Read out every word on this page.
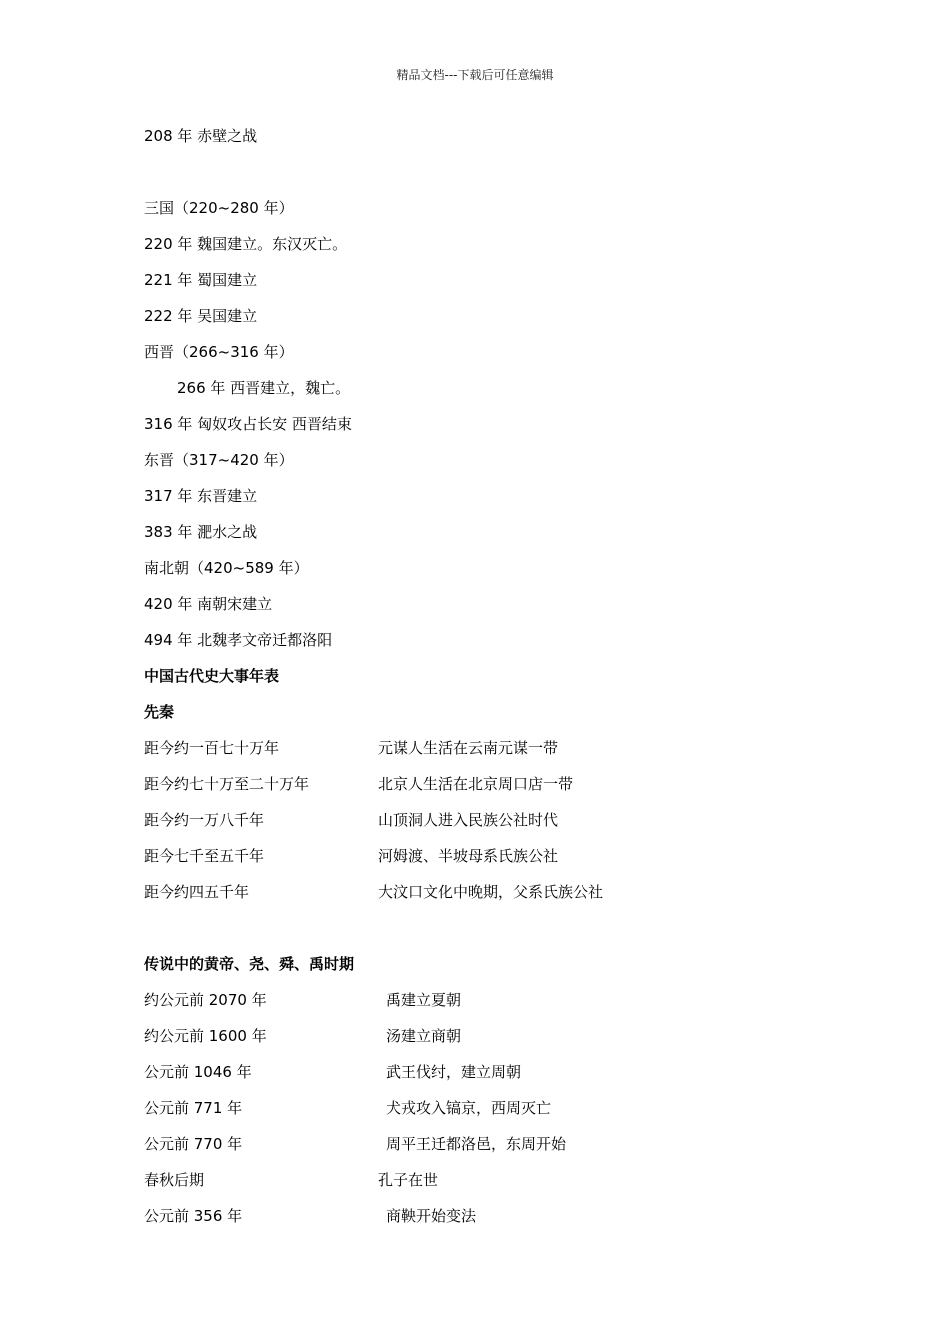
精品文档---下载后可任意编辑
208 年 赤壁之战
三国（220~280 年）
220 年 魏国建立。东汉灭亡。
221 年 蜀国建立
222 年 吴国建立
西晋（266~316 年）
266 年 西晋建立，魏亡。
316 年 匈奴攻占长安 西晋结束
东晋（317~420 年）
317 年 东晋建立
383 年 淝水之战
南北朝（420~589 年）
420 年 南朝宋建立
494 年 北魏孝文帝迁都洛阳
中国古代史大事年表
先秦
距今约一百七十万年	元谋人生活在云南元谋一带
距今约七十万至二十万年	北京人生活在北京周口店一带
距今约一万八千年	山顶洞人进入民族公社时代
距今七千至五千年	河姆渡、半坡母系氏族公社
距今约四五千年	大汶口文化中晚期，父系氏族公社
传说中的黄帝、尧、舜、禹时期
约公元前 2070 年	禹建立夏朝
约公元前 1600 年	汤建立商朝
公元前 1046 年	武王伐纣，建立周朝
公元前 771 年	犬戎攻入镐京，西周灭亡
公元前 770 年	周平王迁都洛邑，东周开始
春秋后期	孔子在世
公元前 356 年	商鞅开始变法
